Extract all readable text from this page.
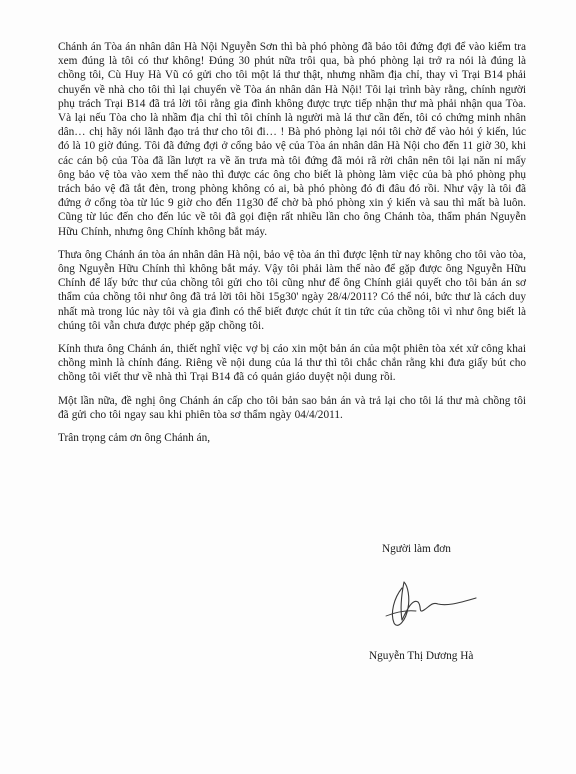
Chánh án Tòa án nhân dân Hà Nội Nguyễn Sơn thì bà phó phòng đã bảo tôi đứng đợi để vào kiểm tra xem đúng là tôi có thư không! Đúng 30 phút nữa trôi qua, bà phó phòng lại trở ra nói là đúng là chồng tôi, Cù Huy Hà Vũ có gửi cho tôi một lá thư thật, nhưng nhầm địa chỉ, thay vì Trại B14 phải chuyển về nhà cho tôi thì lại chuyển về Tòa án nhân dân Hà Nội! Tôi lại trình bày rằng, chính người phụ trách Trại B14 đã trả lời tôi rằng gia đình không được trực tiếp nhận thư mà phải nhận qua Tòa. Và lại nếu Tòa cho là nhầm địa chỉ thì tôi chính là người mà lá thư cần đến, tôi có chứng minh nhân dân… chị hãy nói lãnh đạo trả thư cho tôi đi… ! Bà phó phòng lại nói tôi chờ để vào hỏi ý kiến, lúc đó là 10 giờ đúng. Tôi đã đứng đợi ở cổng bảo vệ của Tòa án nhân dân Hà Nội cho đến 11 giờ 30, khi các cán bộ của Tòa đã lần lượt ra về ăn trưa mà tôi đứng đã mỏi rã rời chân nên tôi lại năn nỉ mấy ông bảo vệ tòa vào xem thế nào thì được các ông cho biết là phòng làm việc của bà phó phòng phụ trách bảo vệ đã tắt đèn, trong phòng không có ai, bà phó phòng đó đi đâu đó rồi. Như vậy là tôi đã đứng ở cổng tòa từ lúc 9 giờ cho đến 11g30 để chờ bà phó phòng xin ý kiến và sau thì mất bà luôn. Cũng từ lúc đến cho đến lúc về tôi đã gọi điện rất nhiều lần cho ông Chánh tòa, thẩm phán Nguyễn Hữu Chính, nhưng ông Chính không bắt máy.

Thưa ông Chánh án tòa án nhân dân Hà nội, bảo vệ tòa án thì được lệnh từ nay không cho tôi vào tòa, ông Nguyễn Hữu Chính thì không bắt máy. Vậy tôi phải làm thế nào để gặp được ông Nguyễn Hữu Chính để lấy bức thư của chồng tôi gửi cho tôi cũng như để ông Chính giải quyết cho tôi bản án sơ thẩm của chồng tôi như ông đã trả lời tôi hồi 15g30' ngày 28/4/2011? Có thể nói, bức thư là cách duy nhất mà trong lúc này tôi và gia đình có thể biết được chút ít tin tức của chồng tôi vì như ông biết là chúng tôi vẫn chưa được phép gặp chồng tôi.

Kính thưa ông Chánh án, thiết nghĩ việc vợ bị cáo xin một bản án của một phiên tòa xét xử công khai chồng mình là chính đáng. Riêng về nội dung của lá thư thì tôi chắc chắn rằng khi đưa giấy bút cho chồng tôi viết thư về nhà thì Trại B14 đã có quản giáo duyệt nội dung rồi.

Một lần nữa, đề nghị ông Chánh án cấp cho tôi bản sao bản án và trả lại cho tôi lá thư mà chồng tôi đã gửi cho tôi ngay sau khi phiên tòa sơ thẩm ngày 04/4/2011.

Trân trọng cảm ơn ông Chánh án,

Người làm đơn
Nguyễn Thị Dương Hà
